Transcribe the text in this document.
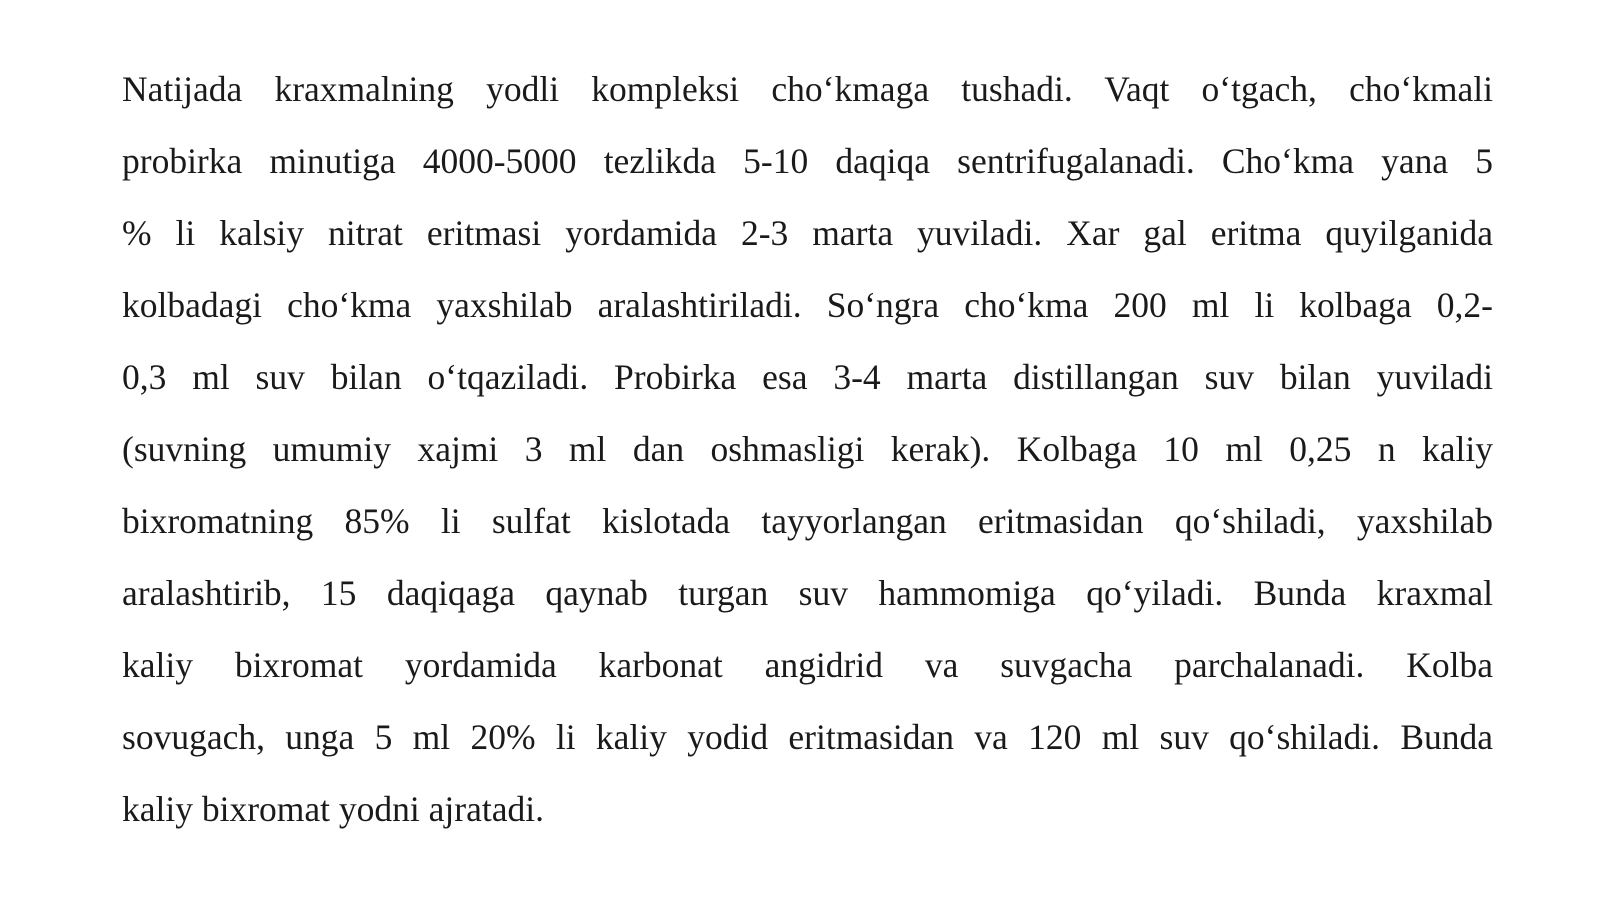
Natijada kraxmalning yodli kompleksi cho‘kmaga tushadi. Vaqt o‘tgach, cho‘kmali
probirka minutiga 4000-5000 tezlikda 5-10 daqiqa sentrifugalanadi. Cho‘kma yana 5
% li kalsiy nitrat eritmasi yordamida 2-3 marta yuviladi. Xar gal eritma quyilganida
kolbadagi cho‘kma yaxshilab aralashtiriladi. So‘ngra cho‘kma 200 ml li kolbaga 0,2-
0,3 ml suv bilan o‘tqaziladi. Probirka esa 3-4 marta distillangan suv bilan yuviladi
(suvning umumiy xajmi 3 ml dan oshmasligi kerak). Kolbaga 10 ml 0,25 n kaliy
bixromatning 85% li sulfat kislotada tayyorlangan eritmasidan qo‘shiladi, yaxshilab
aralashtirib, 15 daqiqaga qaynab turgan suv hammomiga qo‘yiladi. Bunda kraxmal
kaliy bixromat yordamida karbonat angidrid va suvgacha parchalanadi. Kolba
sovugach, unga 5 ml 20% li kaliy yodid eritmasidan va 120 ml suv qo‘shiladi. Bunda
kaliy bixromat yodni ajratadi.
